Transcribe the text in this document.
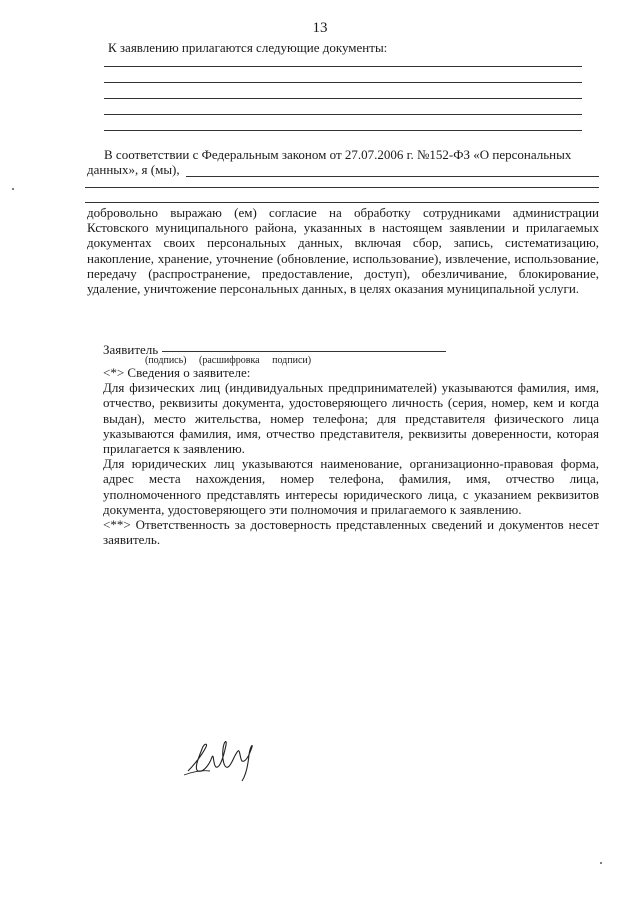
13
К заявлению прилагаются следующие документы:

В соответствии с Федеральным законом от 27.07.2006 г. №152-ФЗ «О персональных

данных», я (мы),

добровольно выражаю (ем) согласие на обработку сотрудниками администрации Кстовского муниципального района, указанных в настоящем заявлении и прилагаемых документах своих персональных данных, включая сбор, запись, систематизацию, накопление, хранение, уточнение (обновление, использование), извлечение, использование, передачу (распространение, предоставление, доступ), обезличивание, блокирование, удаление, уничтожение персональных данных, в целях оказания муниципальной услуги.

Заявитель
(подпись) (расшифровка подписи)

<*> Сведения о заявителе:

Для физических лиц (индивидуальных предпринимателей) указываются фамилия, имя, отчество, реквизиты документа, удостоверяющего личность (серия, номер, кем и когда выдан), место жительства, номер телефона; для представителя физического лица указываются фамилия, имя, отчество представителя, реквизиты доверенности, которая прилагается к заявлению.

Для юридических лиц указываются наименование, организационно-правовая форма, адрес места нахождения, номер телефона, фамилия, имя, отчество лица, уполномоченного представлять интересы юридического лица, с указанием реквизитов документа, удостоверяющего эти полномочия и прилагаемого к заявлению.

<**> Ответственность за достоверность представленных сведений и документов несет заявитель.
